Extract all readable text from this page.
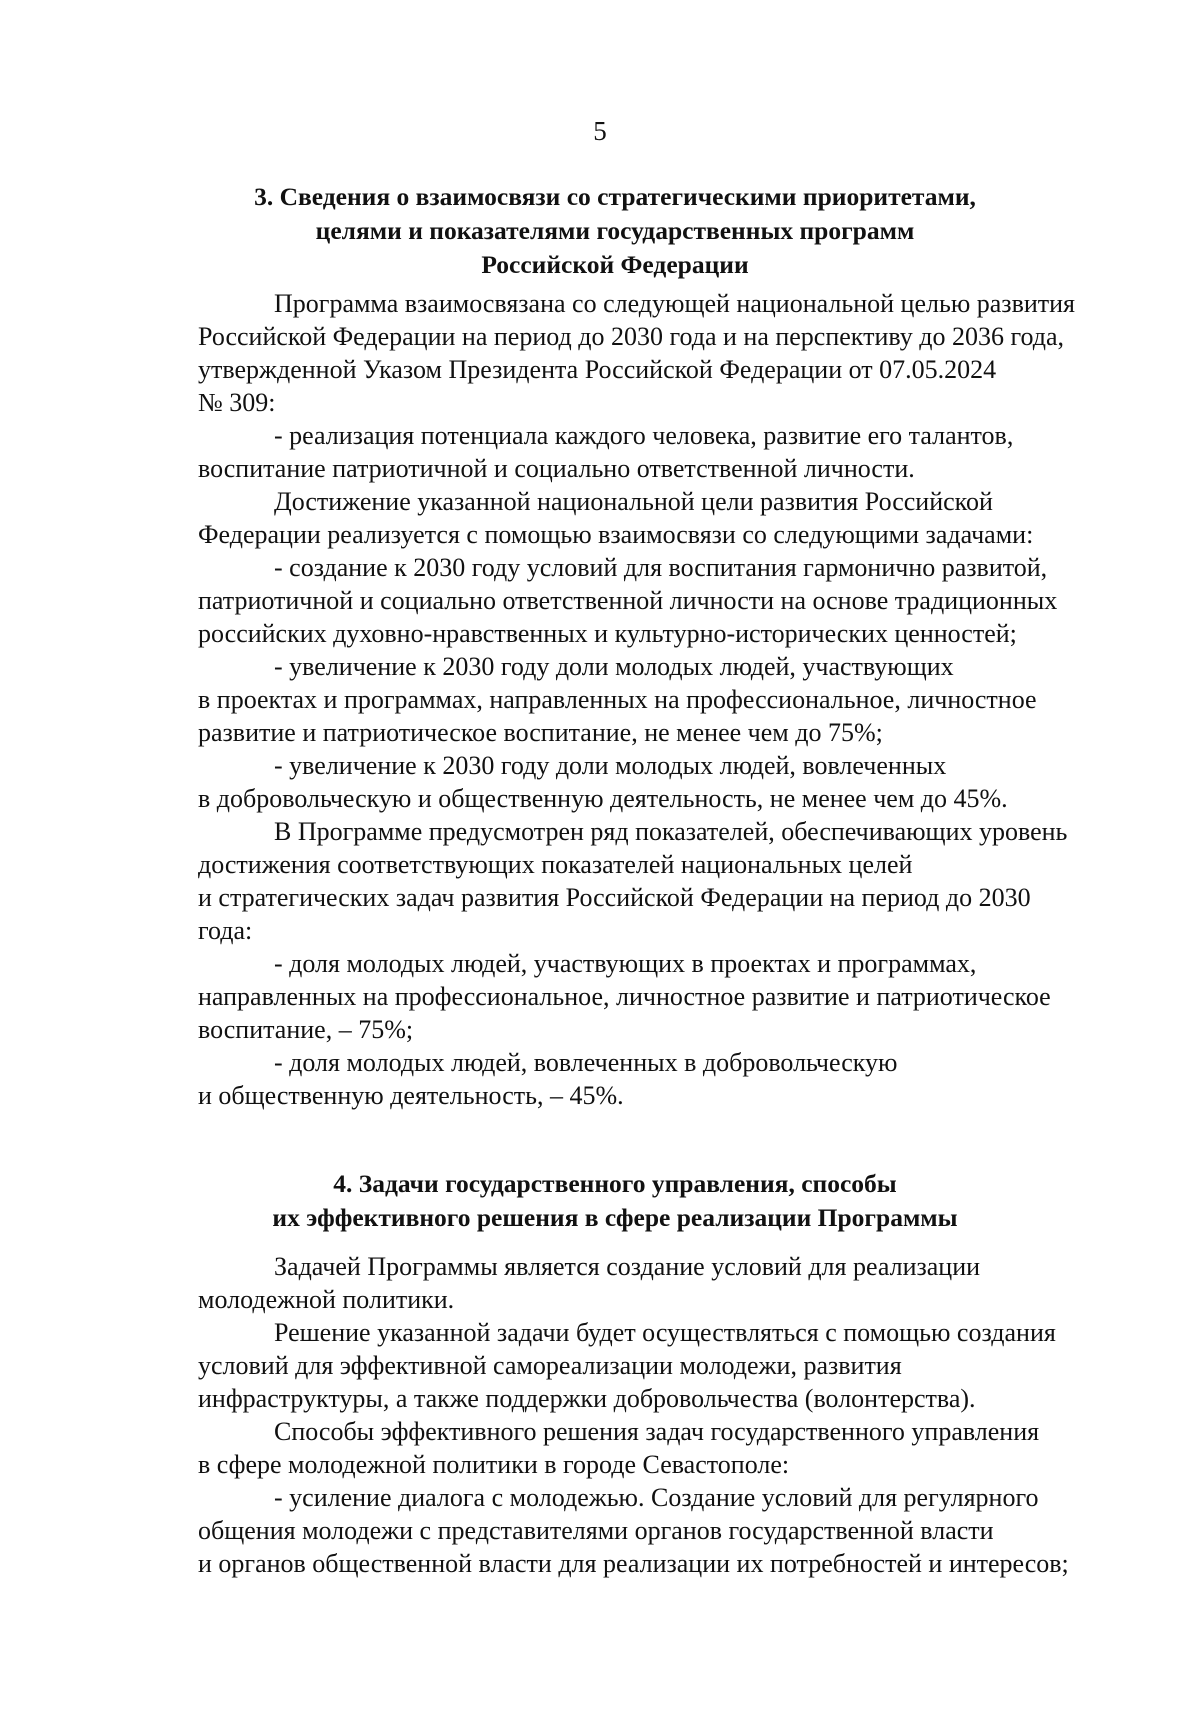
5
3. Сведения о взаимосвязи со стратегическими приоритетами,
целями и показателями государственных программ
Российской Федерации
Программа взаимосвязана со следующей национальной целью развития
Российской Федерации на период до 2030 года и на перспективу до 2036 года,
утвержденной Указом Президента Российской Федерации от 07.05.2024
№ 309:
- реализация потенциала каждого человека, развитие его талантов,
воспитание патриотичной и социально ответственной личности.
Достижение указанной национальной цели развития Российской
Федерации реализуется с помощью взаимосвязи со следующими задачами:
- создание к 2030 году условий для воспитания гармонично развитой,
патриотичной и социально ответственной личности на основе традиционных
российских духовно-нравственных и культурно-исторических ценностей;
- увеличение к 2030 году доли молодых людей, участвующих
в проектах и программах, направленных на профессиональное, личностное
развитие и патриотическое воспитание, не менее чем до 75%;
- увеличение к 2030 году доли молодых людей, вовлеченных
в добровольческую и общественную деятельность, не менее чем до 45%.
В Программе предусмотрен ряд показателей, обеспечивающих уровень
достижения соответствующих показателей национальных целей
и стратегических задач развития Российской Федерации на период до 2030
года:
- доля молодых людей, участвующих в проектах и программах,
направленных на профессиональное, личностное развитие и патриотическое
воспитание, – 75%;
- доля молодых людей, вовлеченных в добровольческую
и общественную деятельность, – 45%.
4. Задачи государственного управления, способы
их эффективного решения в сфере реализации Программы
Задачей Программы является создание условий для реализации
молодежной политики.
Решение указанной задачи будет осуществляться с помощью создания
условий для эффективной самореализации молодежи, развития
инфраструктуры, а также поддержки добровольчества (волонтерства).
Способы эффективного решения задач государственного управления
в сфере молодежной политики в городе Севастополе:
- усиление диалога с молодежью. Создание условий для регулярного
общения молодежи с представителями органов государственной власти
и органов общественной власти для реализации их потребностей и интересов;
